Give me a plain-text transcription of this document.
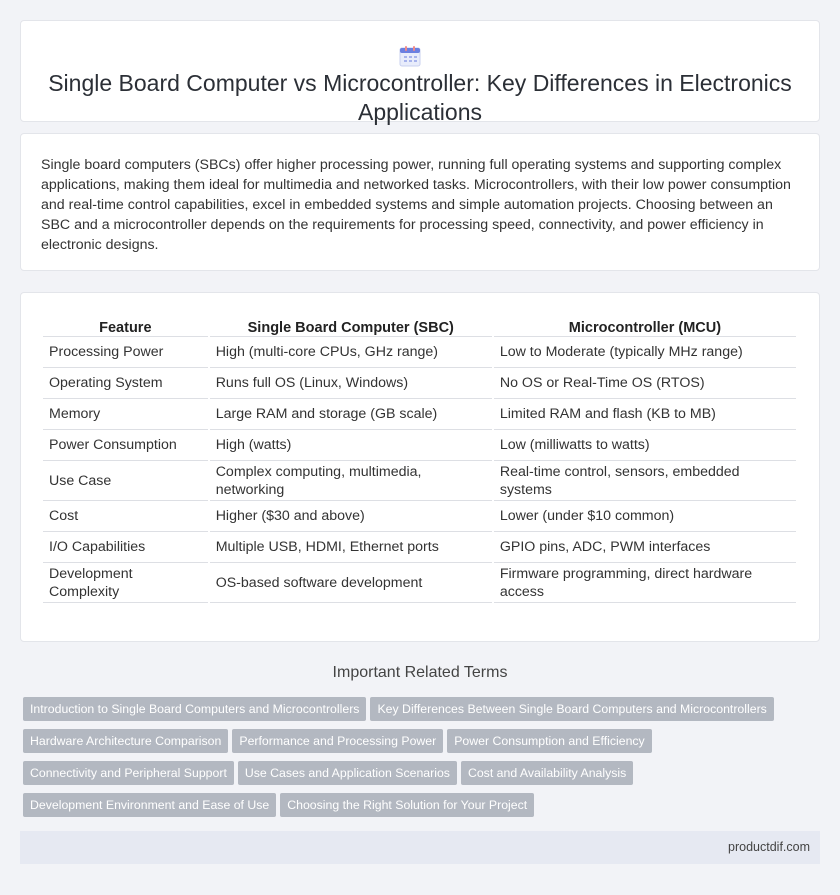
Single Board Computer vs Microcontroller: Key Differences in Electronics Applications

Single board computers (SBCs) offer higher processing power, running full operating systems and supporting complex applications, making them ideal for multimedia and networked tasks. Microcontrollers, with their low power consumption and real-time control capabilities, excel in embedded systems and simple automation projects. Choosing between an SBC and a microcontroller depends on the requirements for processing speed, connectivity, and power efficiency in electronic designs.

Feature	Single Board Computer (SBC)	Microcontroller (MCU)
Processing Power	High (multi-core CPUs, GHz range)	Low to Moderate (typically MHz range)
Operating System	Runs full OS (Linux, Windows)	No OS or Real-Time OS (RTOS)
Memory	Large RAM and storage (GB scale)	Limited RAM and flash (KB to MB)
Power Consumption	High (watts)	Low (milliwatts to watts)
Use Case	Complex computing, multimedia, networking	Real-time control, sensors, embedded systems
Cost	Higher ($30 and above)	Lower (under $10 common)
I/O Capabilities	Multiple USB, HDMI, Ethernet ports	GPIO pins, ADC, PWM interfaces
Development Complexity	OS-based software development	Firmware programming, direct hardware access
Important Related Terms
Introduction to Single Board Computers and Microcontrollers Key Differences Between Single Board Computers and Microcontrollers
Hardware Architecture Comparison Performance and Processing Power Power Consumption and Efficiency
Connectivity and Peripheral Support Use Cases and Application Scenarios Cost and Availability Analysis
Development Environment and Ease of Use Choosing the Right Solution for Your Project
productdif.com
